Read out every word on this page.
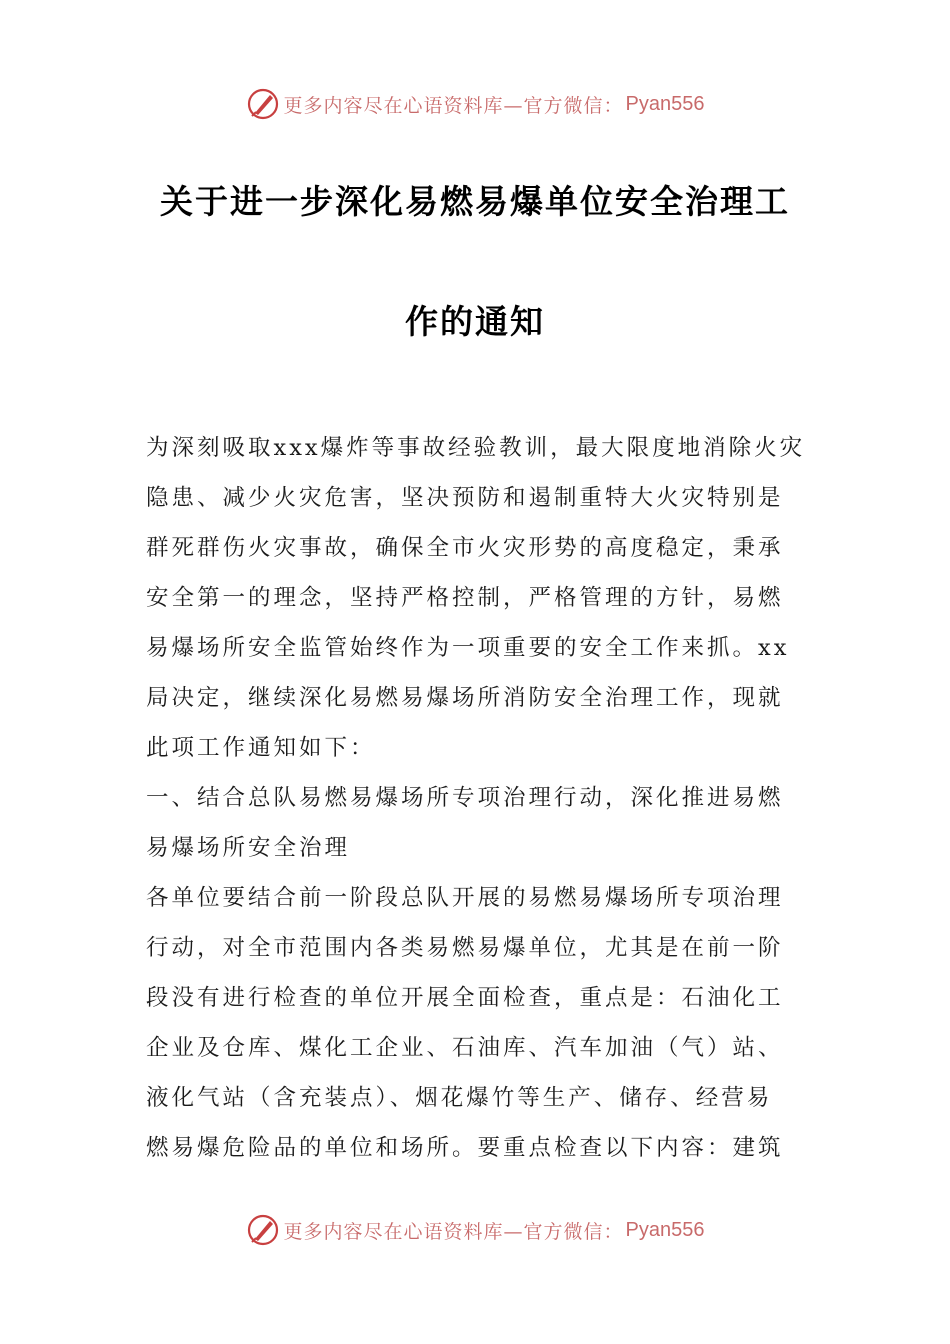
更多内容尽在心语资料库—官方微信： Pyan556
关于进一步深化易燃易爆单位安全治理工
作的通知
为深刻吸取xxx爆炸等事故经验教训，最大限度地消除火灾
隐患、减少火灾危害，坚决预防和遏制重特大火灾特别是
群死群伤火灾事故，确保全市火灾形势的高度稳定，秉承
安全第一的理念，坚持严格控制，严格管理的方针，易燃
易爆场所安全监管始终作为一项重要的安全工作来抓。xx
局决定，继续深化易燃易爆场所消防安全治理工作，现就
此项工作通知如下：
一、结合总队易燃易爆场所专项治理行动，深化推进易燃
易爆场所安全治理
各单位要结合前一阶段总队开展的易燃易爆场所专项治理
行动，对全市范围内各类易燃易爆单位，尤其是在前一阶
段没有进行检查的单位开展全面检查，重点是：石油化工
企业及仓库、煤化工企业、石油库、汽车加油（气）站、
液化气站（含充装点）、烟花爆竹等生产、储存、经营易
燃易爆危险品的单位和场所。要重点检查以下内容：建筑
更多内容尽在心语资料库—官方微信： Pyan556
